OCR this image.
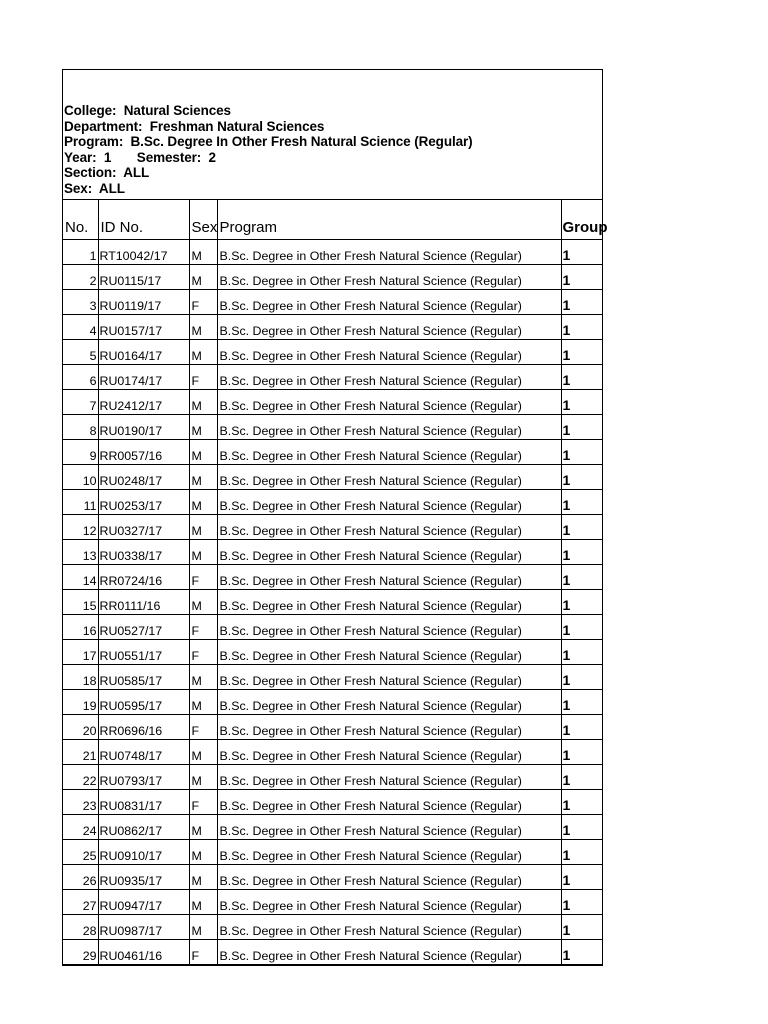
College:  Natural Sciences
Department:  Freshman Natural Sciences
Program:  B.Sc. Degree In Other Fresh Natural Science (Regular)
Year:  1       Semester:  2
Section:  ALL
Sex:  ALL
No.	ID No.	Sex	Program	Group
1	RT10042/17	M	B.Sc. Degree in Other Fresh Natural Science (Regular)	1
2	RU0115/17	M	B.Sc. Degree in Other Fresh Natural Science (Regular)	1
3	RU0119/17	F	B.Sc. Degree in Other Fresh Natural Science (Regular)	1
4	RU0157/17	M	B.Sc. Degree in Other Fresh Natural Science (Regular)	1
5	RU0164/17	M	B.Sc. Degree in Other Fresh Natural Science (Regular)	1
6	RU0174/17	F	B.Sc. Degree in Other Fresh Natural Science (Regular)	1
7	RU2412/17	M	B.Sc. Degree in Other Fresh Natural Science (Regular)	1
8	RU0190/17	M	B.Sc. Degree in Other Fresh Natural Science (Regular)	1
9	RR0057/16	M	B.Sc. Degree in Other Fresh Natural Science (Regular)	1
10	RU0248/17	M	B.Sc. Degree in Other Fresh Natural Science (Regular)	1
11	RU0253/17	M	B.Sc. Degree in Other Fresh Natural Science (Regular)	1
12	RU0327/17	M	B.Sc. Degree in Other Fresh Natural Science (Regular)	1
13	RU0338/17	M	B.Sc. Degree in Other Fresh Natural Science (Regular)	1
14	RR0724/16	F	B.Sc. Degree in Other Fresh Natural Science (Regular)	1
15	RR0111/16	M	B.Sc. Degree in Other Fresh Natural Science (Regular)	1
16	RU0527/17	F	B.Sc. Degree in Other Fresh Natural Science (Regular)	1
17	RU0551/17	F	B.Sc. Degree in Other Fresh Natural Science (Regular)	1
18	RU0585/17	M	B.Sc. Degree in Other Fresh Natural Science (Regular)	1
19	RU0595/17	M	B.Sc. Degree in Other Fresh Natural Science (Regular)	1
20	RR0696/16	F	B.Sc. Degree in Other Fresh Natural Science (Regular)	1
21	RU0748/17	M	B.Sc. Degree in Other Fresh Natural Science (Regular)	1
22	RU0793/17	M	B.Sc. Degree in Other Fresh Natural Science (Regular)	1
23	RU0831/17	F	B.Sc. Degree in Other Fresh Natural Science (Regular)	1
24	RU0862/17	M	B.Sc. Degree in Other Fresh Natural Science (Regular)	1
25	RU0910/17	M	B.Sc. Degree in Other Fresh Natural Science (Regular)	1
26	RU0935/17	M	B.Sc. Degree in Other Fresh Natural Science (Regular)	1
27	RU0947/17	M	B.Sc. Degree in Other Fresh Natural Science (Regular)	1
28	RU0987/17	M	B.Sc. Degree in Other Fresh Natural Science (Regular)	1
29	RU0461/16	F	B.Sc. Degree in Other Fresh Natural Science (Regular)	1
